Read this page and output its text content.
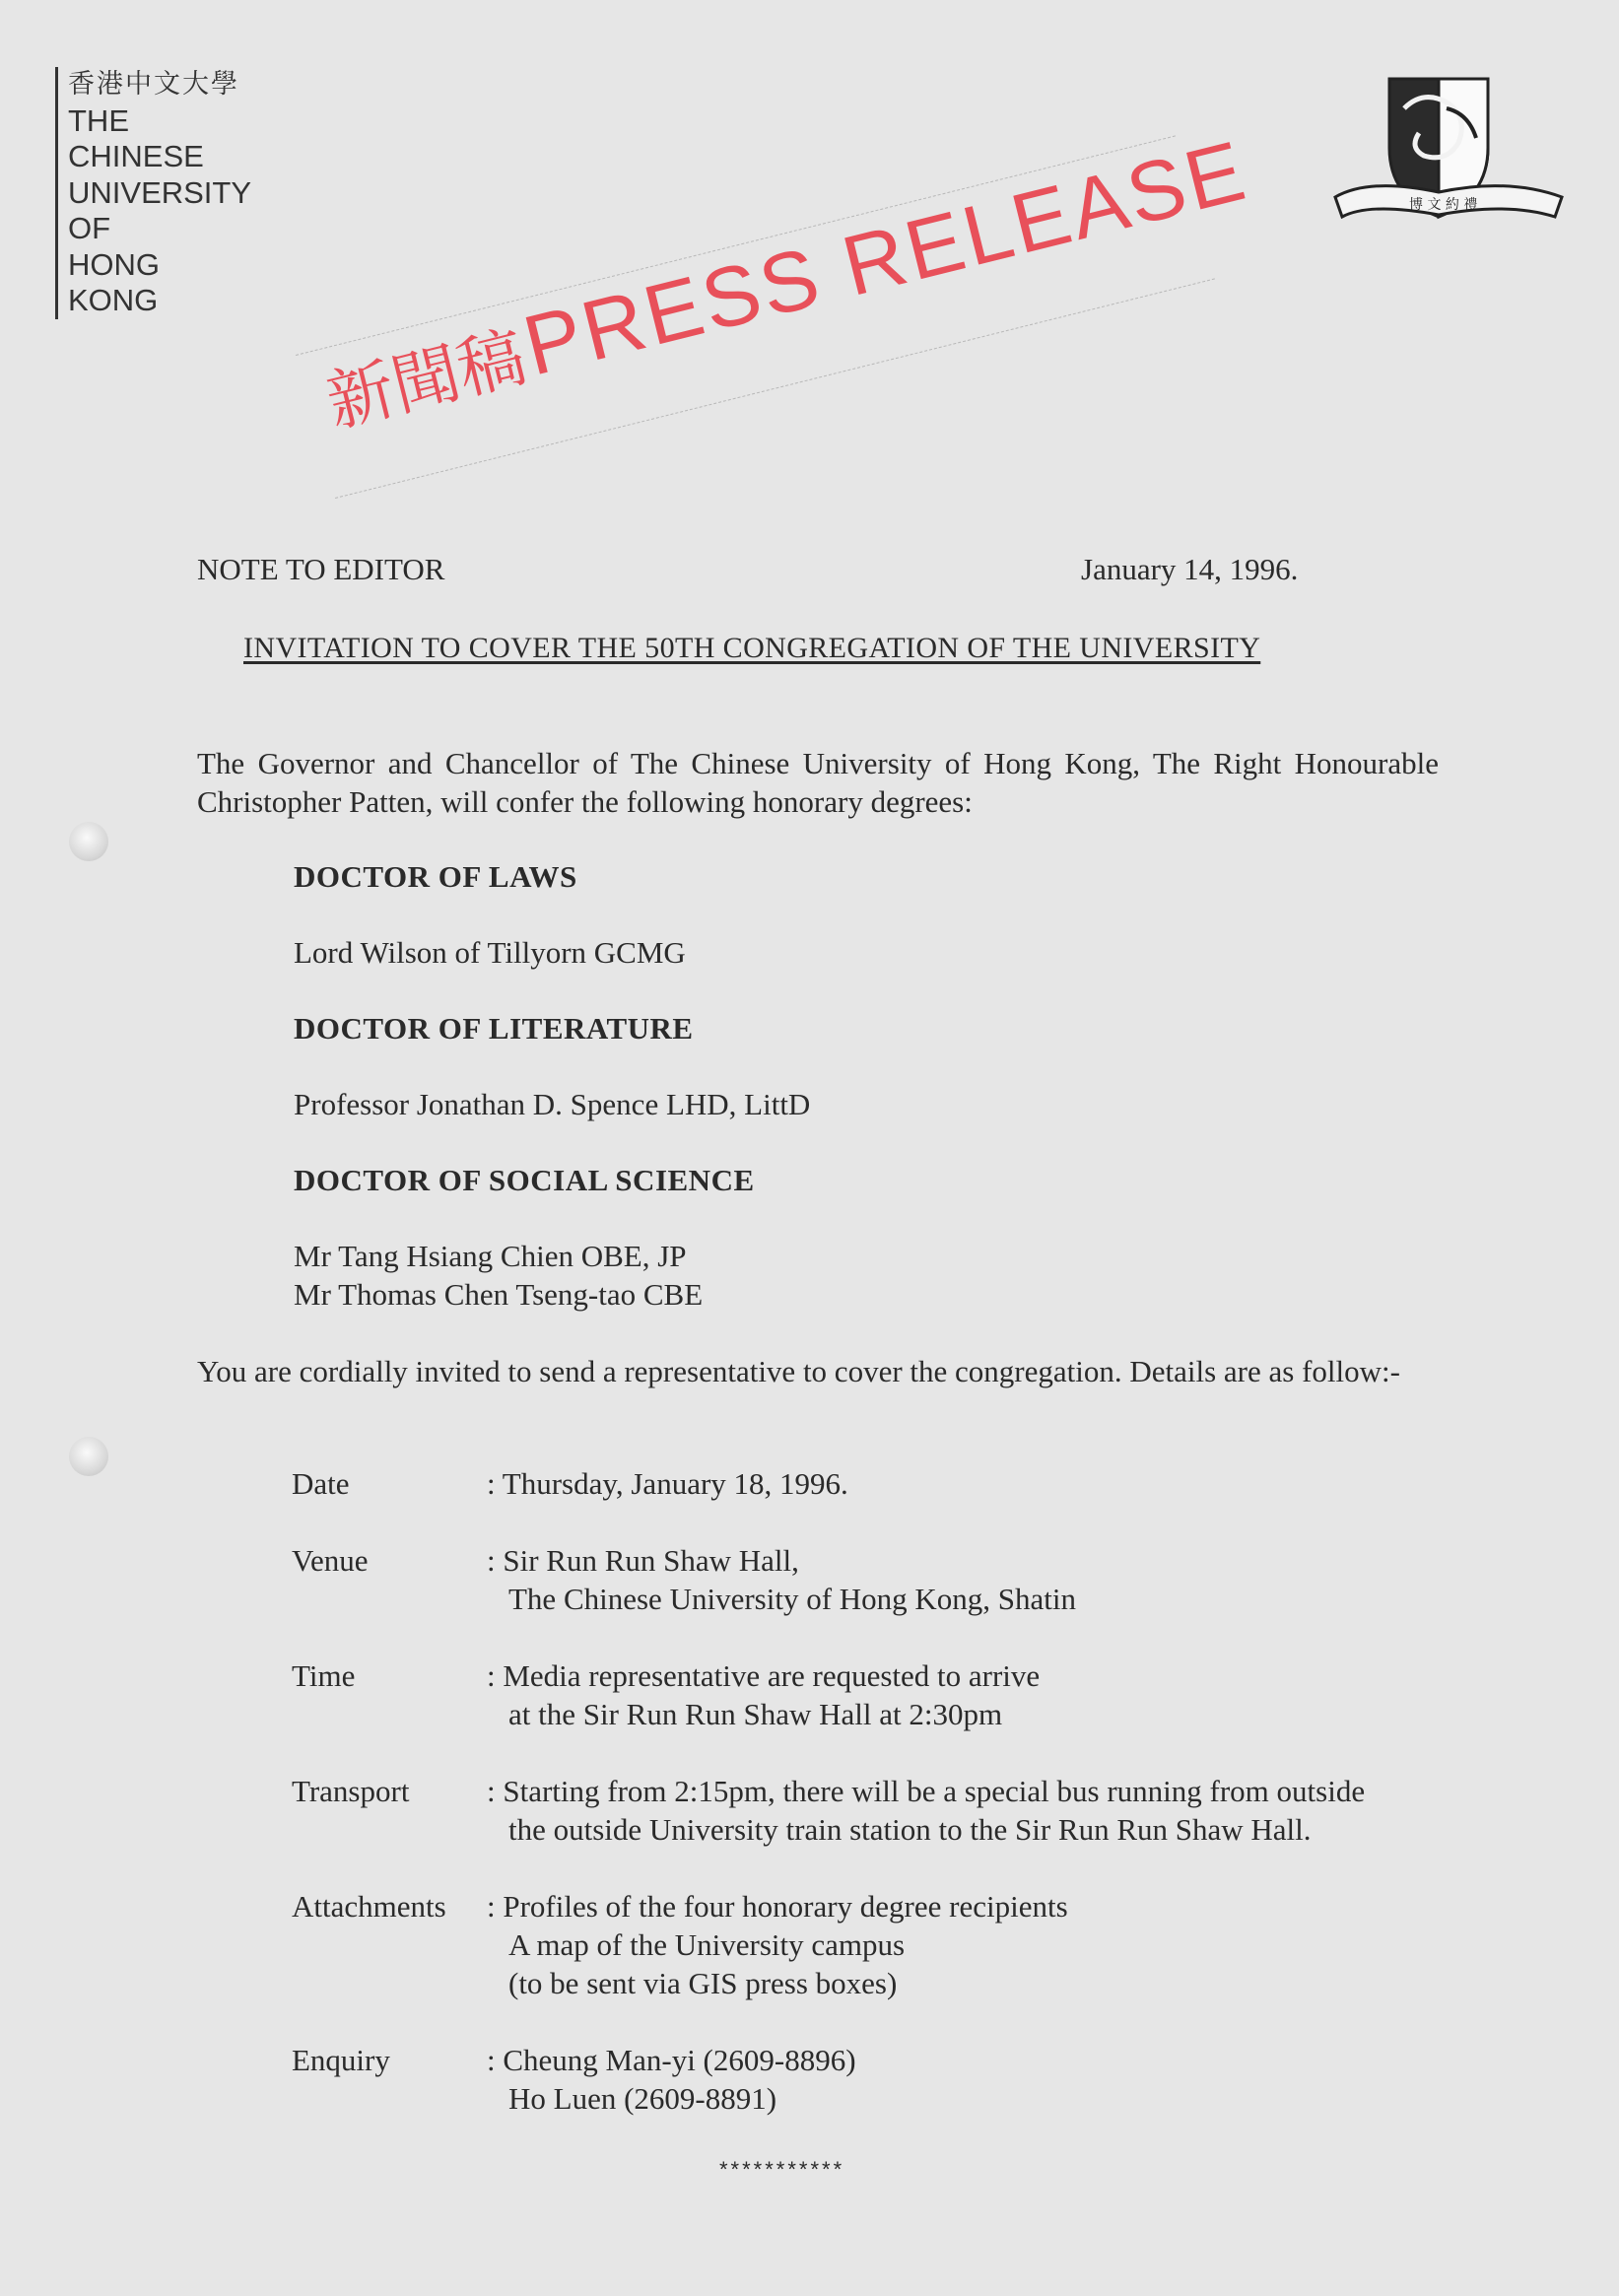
香港中文大學
THE
CHINESE
UNIVERSITY
OF
HONG
KONG
新聞稿 PRESS RELEASE	博 文 約 禮
NOTE TO EDITOR	January 14, 1996.
INVITATION TO COVER THE 50TH CONGREGATION OF THE UNIVERSITY
The Governor and Chancellor of The Chinese University of Hong Kong, The Right Honourable Christopher Patten, will confer the following honorary degrees:
DOCTOR OF LAWS
Lord Wilson of Tillyorn GCMG
DOCTOR OF LITERATURE
Professor Jonathan D. Spence LHD, LittD
DOCTOR OF SOCIAL SCIENCE
Mr Tang Hsiang Chien OBE, JP
Mr Thomas Chen Tseng-tao CBE
You are cordially invited to send a representative to cover the congregation. Details are as follow:-
Date	: Thursday, January 18, 1996.
Venue	: Sir Run Run Shaw Hall,
The Chinese University of Hong Kong, Shatin
Time	: Media representative are requested to arrive
at the Sir Run Run Shaw Hall at 2:30pm
Transport	: Starting from 2:15pm, there will be a special bus running from outside
the outside University train station to the Sir Run Run Shaw Hall.
Attachments : Profiles of the four honorary degree recipients
A map of the University campus
(to be sent via GIS press boxes)
Enquiry	: Cheung Man-yi (2609-8896)
Ho Luen (2609-8891)
***********
